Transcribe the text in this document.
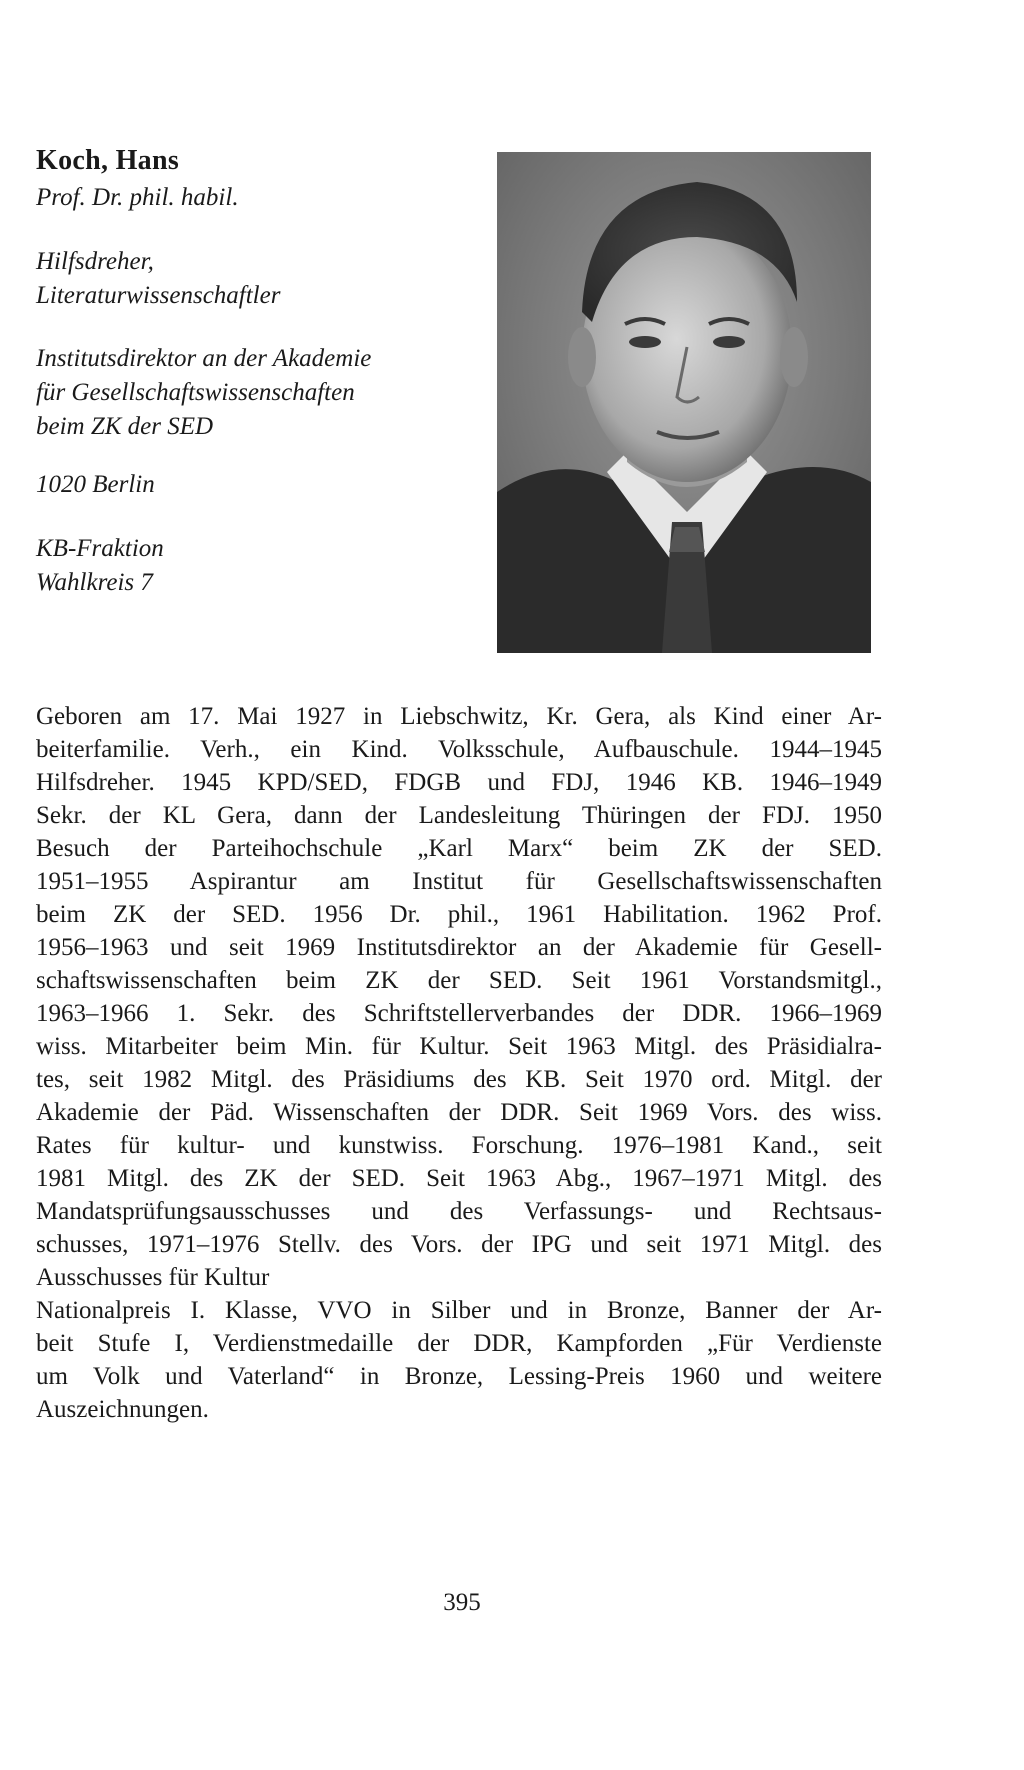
Koch, Hans
Prof. Dr. phil. habil.
Hilfsdreher,
Literaturwissenschaftler
Institutsdirektor an der Akademie
für Gesellschaftswissenschaften
beim ZK der SED
1020 Berlin
KB-Fraktion
Wahlkreis 7
Geboren am 17. Mai 1927 in Liebschwitz, Kr. Gera, als Kind einer Ar-
beiterfamilie. Verh., ein Kind. Volksschule, Aufbauschule. 1944–1945
Hilfsdreher. 1945 KPD/SED, FDGB und FDJ, 1946 KB. 1946–1949
Sekr. der KL Gera, dann der Landesleitung Thüringen der FDJ. 1950
Besuch der Parteihochschule „Karl Marx“ beim ZK der SED.
1951–1955 Aspirantur am Institut für Gesellschaftswissenschaften
beim ZK der SED. 1956 Dr. phil., 1961 Habilitation. 1962 Prof.
1956–1963 und seit 1969 Institutsdirektor an der Akademie für Gesell-
schaftswissenschaften beim ZK der SED. Seit 1961 Vorstandsmitgl.,
1963–1966 1. Sekr. des Schriftstellerverbandes der DDR. 1966–1969
wiss. Mitarbeiter beim Min. für Kultur. Seit 1963 Mitgl. des Präsidialra-
tes, seit 1982 Mitgl. des Präsidiums des KB. Seit 1970 ord. Mitgl. der
Akademie der Päd. Wissenschaften der DDR. Seit 1969 Vors. des wiss.
Rates für kultur- und kunstwiss. Forschung. 1976–1981 Kand., seit
1981 Mitgl. des ZK der SED. Seit 1963 Abg., 1967–1971 Mitgl. des
Mandatsprüfungsausschusses und des Verfassungs- und Rechtsaus-
schusses, 1971–1976 Stellv. des Vors. der IPG und seit 1971 Mitgl. des
Ausschusses für Kultur
Nationalpreis I. Klasse, VVO in Silber und in Bronze, Banner der Ar-
beit Stufe I, Verdienstmedaille der DDR, Kampforden „Für Verdienste
um Volk und Vaterland“ in Bronze, Lessing-Preis 1960 und weitere
Auszeichnungen.
395
